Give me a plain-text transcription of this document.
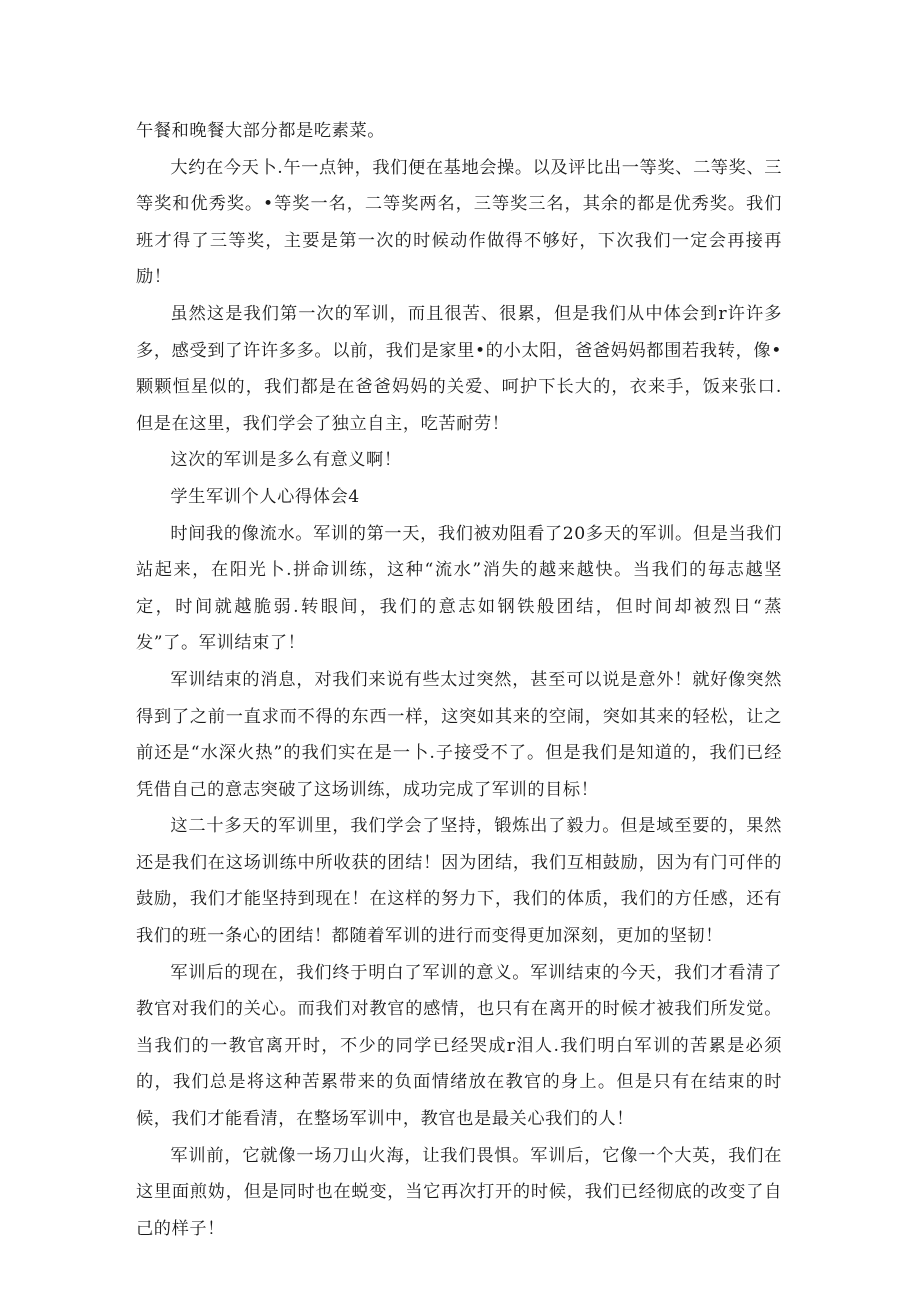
午餐和晚餐大部分都是吃素菜。

大约在今天卜.午一点钟，我们便在基地会操。以及评比出一等奖、二等奖、三等奖和优秀奖。•等奖一名，二等奖两名，三等奖三名，其余的都是优秀奖。我们班才得了三等奖，主要是第一次的时候动作做得不够好，下次我们一定会再接再励！

虽然这是我们第一次的军训，而且很苦、很累，但是我们从中体会到r许许多多，感受到了许许多多。以前，我们是家里•的小太阳，爸爸妈妈都围若我转，像•颗颗恒星似的，我们都是在爸爸妈妈的关爱、呵护下长大的，衣来手，饭来张口.但是在这里，我们学会了独立自主，吃苦耐劳！

这次的军训是多么有意义啊！

学生军训个人心得体会4

时间我的像流水。军训的第一天，我们被劝阻看了20多天的军训。但是当我们站起来，在阳光卜.拼命训练，这种“流水”消失的越来越快。当我们的毎志越坚定，时间就越脆弱.转眼间，我们的意志如钢铁般团结，但时间却被烈日“蒸发”了。军训结束了！

军训结束的消息，对我们来说有些太过突然，甚至可以说是意外！就好像突然得到了之前一直求而不得的东西一样，这突如其来的空闹，突如其来的轻松，让之前还是“水深火热”的我们实在是一卜.子接受不了。但是我们是知道的，我们已经凭借自己的意志突破了这场训练，成功完成了军训的目标！

这二十多天的军训里，我们学会了坚持，锻炼出了毅力。但是域至要的，果然还是我们在这场训练中所收获的团结！因为团结，我们互相鼓励，因为有门可伴的鼓励，我们才能坚持到现在！在这样的努力下，我们的体质，我们的方任感，还有我们的班一条心的团结！都随着军训的进行而变得更加深刻，更加的坚韧！

军训后的现在，我们终于明白了军训的意义。军训结束的今天，我们才看清了教官对我们的关心。而我们对教官的感情，也只有在离开的时候才被我们所发觉。当我们的一教官离开时，不少的同学已经哭成r泪人.我们明白军训的苦累是必须的，我们总是将这种苦累带来的负面情绪放在教官的身上。但是只有在结束的时候，我们才能看清，在整场军训中，教官也是最关心我们的人！

军训前，它就像一场刀山火海，让我们畏惧。军训后，它像一个大英，我们在这里面煎妫，但是同时也在蜕变，当它再次打开的时候，我们已经彻底的改变了自己的样子！
